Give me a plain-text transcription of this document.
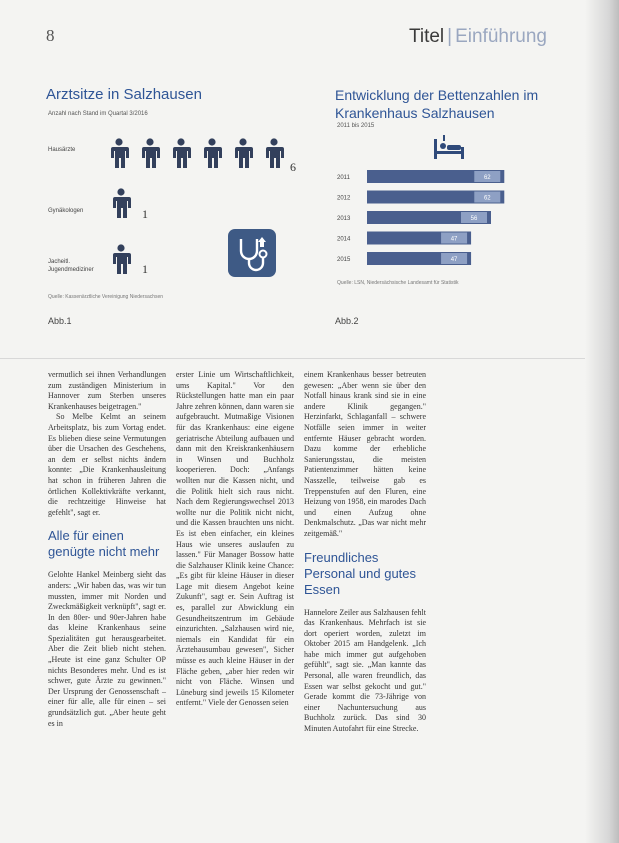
8	Titel | Einführung
Arztsitze in Salzhausen
Anzahl nach Stand im Quartal 3/2016
Hausärzte
6
Gynäkologen	1
Jacheitl. Jugendmediziner	1
Quelle: Kassenärztliche Vereinigung Niedersachsen
Abb.1
Entwicklung der Bettenzahlen im Krankenhaus Salzhausen
2011 bis 2015
2011	62
2012	62
2013	56
2014	47
2015	47
Quelle: LSN, Niedersächsische Landesamt für Statistik
Abb.2

vermutlich sei ihnen Verhandlungen zum zuständigen Ministerium in Hannover zum Sterben unseres Krankenhauses beigetragen."

So Melbe Kelmt an seinem Arbeitsplatz, bis zum Vortag endet. Es blieben diese seine Vermutungen über die Ursachen des Geschehens, an dem er selbst nichts ändern konnte: „Die Krankenhausleitung hat schon in früheren Jahren die örtlichen Kollektivkräfte verkannt, die rechtzeitige Hinweise hat gefehlt", sagt er.

Alle für einen genügte nicht mehr

Gelohte Hankel Meinberg sieht das anders: „Wir haben das, was wir tun mussten, immer mit Norden und Zweckmäßigkeit verknüpft", sagt er. In den 80er- und 90er-Jahren habe das kleine Krankenhaus seine Spezialitäten gut herausgearbeitet. Aber die Zeit blieb nicht stehen. „Heute ist eine ganz Schulter OP nichts Besonderes mehr. Und es ist schwer, gute Ärzte zu gewinnen." Der Ursprung der Genossenschaft – einer für alle, alle für einen – sei grundsätzlich gut. „Aber heute geht es in

erster Linie um Wirtschaftlichkeit, ums Kapital." Vor den Rückstellungen hatte man ein paar Jahre zehren können, dann waren sie aufgebraucht. Mutmaßige Visionen für das Krankenhaus: eine eigene geriatrische Abteilung aufbauen und dann mit den Kreiskrankenhäusern in Winsen und Buchholz kooperieren. Doch: „Anfangs wollten nur die Kassen nicht, und die Politik hielt sich raus nicht. Nach dem Regierungswechsel 2013 wollte nur die Politik nicht nicht, und die Kassen brauchten uns nicht. Es ist eben einfacher, ein kleines Haus wie unseres auslaufen zu lassen." Für Manager Bossow hatte die Salzhauser Klinik keine Chance: „Es gibt für kleine Häuser in dieser Lage mit diesem Angebot keine Zukunft", sagt er. Sein Auftrag ist es, parallel zur Abwicklung ein Gesundheitszentrum im Gebäude einzurichten. „Salzhausen wird nie, niemals ein Kandidat für ein Ärztehausumbau gewesen", Sicher müsse es auch kleine Häuser in der Fläche geben, „aber hier reden wir nicht von Fläche. Winsen und Lüneburg sind jeweils 15 Kilometer entfernt." Viele der Genossen seien

einem Krankenhaus besser betreuten gewesen: „Aber wenn sie über den Notfall hinaus krank sind sie in eine andere Klinik gegangen." Herzinfarkt, Schlaganfall – schwere Notfälle seien immer in weiter entfernte Häuser gebracht worden. Dazu komme der erhebliche Sanierungsstau, die meisten Patientenzimmer hätten keine Nasszelle, teilweise gab es Treppenstufen auf den Fluren, eine Heizung von 1958, ein marodes Dach und einen Aufzug ohne Denkmalschutz. „Das war nicht mehr zeitgemäß."

Freundliches Personal und gutes Essen

Hannelore Zeiler aus Salzhausen fehlt das Krankenhaus. Mehrfach ist sie dort operiert worden, zuletzt im Oktober 2015 am Handgelenk. „Ich habe mich immer gut aufgehoben gefühlt", sagt sie. „Man kannte das Personal, alle waren freundlich, das Essen war selbst gekocht und gut." Gerade kommt die 73-Jährige von einer Nachuntersuchung aus Buchholz zurück. Das sind 30 Minuten Autofahrt für eine Strecke.
